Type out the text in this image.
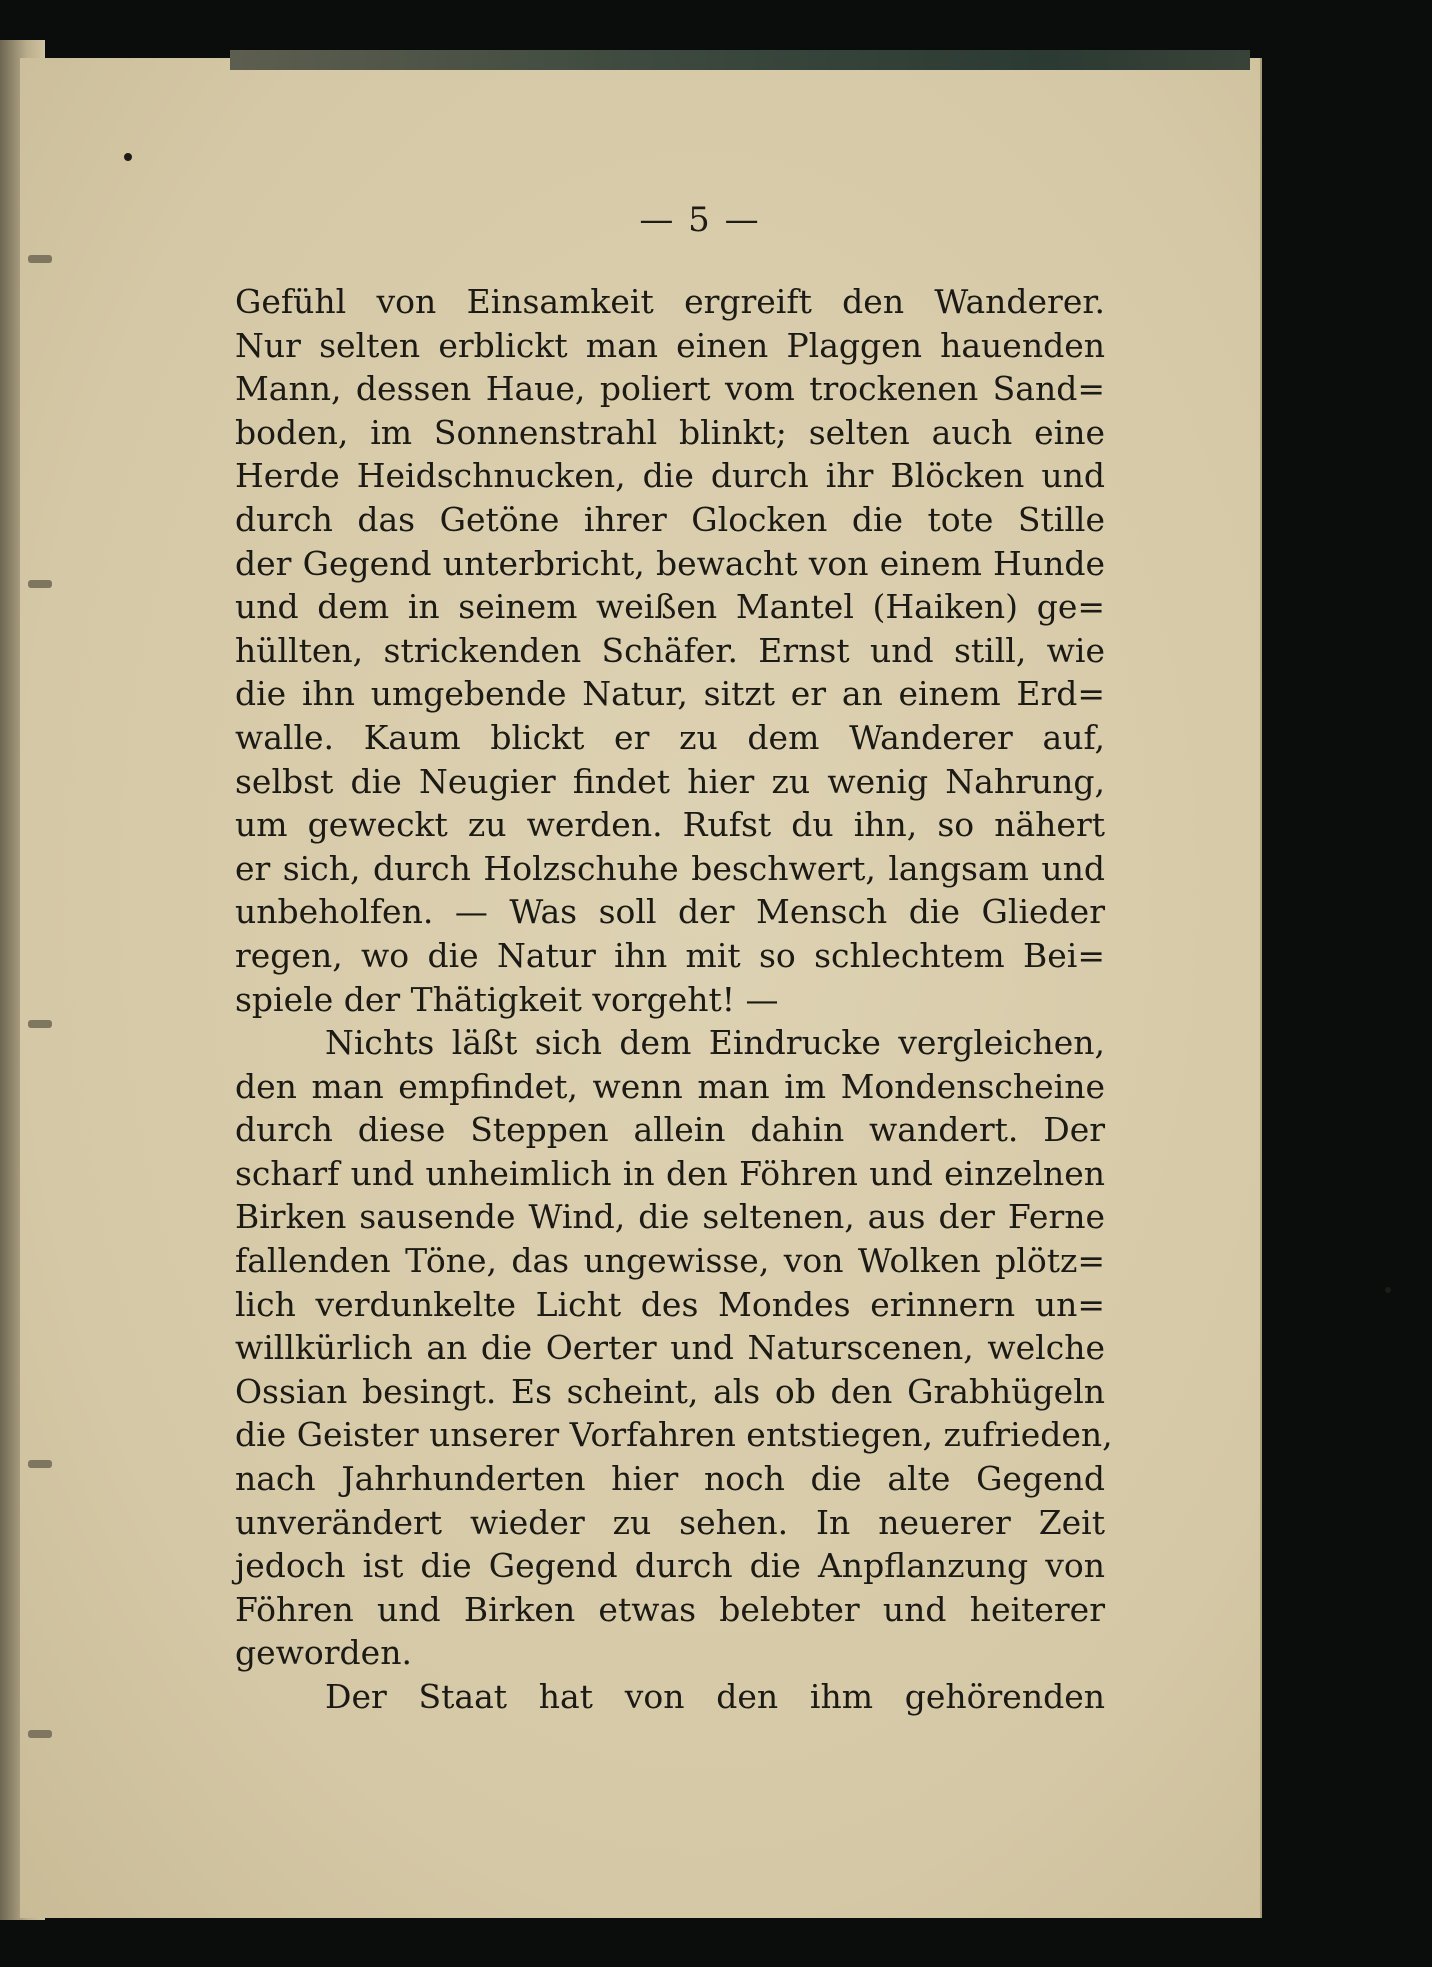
— 5 —
Gefühl von Einsamkeit ergreift den Wanderer.
Nur selten erblickt man einen Plaggen hauenden
Mann, dessen Haue, poliert vom trockenen Sand=
boden, im Sonnenstrahl blinkt; selten auch eine
Herde Heidschnucken, die durch ihr Blöcken und
durch das Getöne ihrer Glocken die tote Stille
der Gegend unterbricht, bewacht von einem Hunde
und dem in seinem weißen Mantel (Haiken) ge=
hüllten, strickenden Schäfer. Ernst und still, wie
die ihn umgebende Natur, sitzt er an einem Erd=
walle. Kaum blickt er zu dem Wanderer auf,
selbst die Neugier findet hier zu wenig Nahrung,
um geweckt zu werden. Rufst du ihn, so nähert
er sich, durch Holzschuhe beschwert, langsam und
unbeholfen. — Was soll der Mensch die Glieder
regen, wo die Natur ihn mit so schlechtem Bei=
spiele der Thätigkeit vorgeht! —
Nichts läßt sich dem Eindrucke vergleichen,
den man empfindet, wenn man im Mondenscheine
durch diese Steppen allein dahin wandert. Der
scharf und unheimlich in den Föhren und einzelnen
Birken sausende Wind, die seltenen, aus der Ferne
fallenden Töne, das ungewisse, von Wolken plötz=
lich verdunkelte Licht des Mondes erinnern un=
willkürlich an die Oerter und Naturscenen, welche
Ossian besingt. Es scheint, als ob den Grabhügeln
die Geister unserer Vorfahren entstiegen, zufrieden,
nach Jahrhunderten hier noch die alte Gegend
unverändert wieder zu sehen. In neuerer Zeit
jedoch ist die Gegend durch die Anpflanzung von
Föhren und Birken etwas belebter und heiterer
geworden.
Der Staat hat von den ihm gehörenden
